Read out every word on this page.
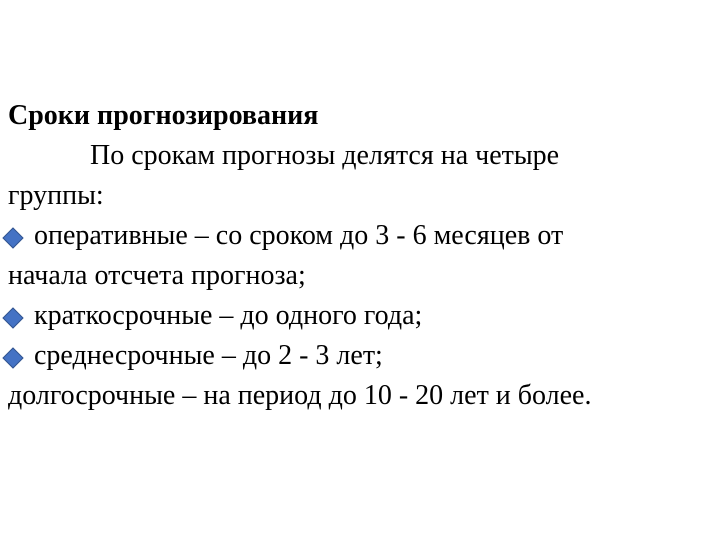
Сроки прогнозирования
По срокам прогнозы делятся на четыре
группы:
оперативные – со сроком до 3 - 6 месяцев от
начала отсчета прогноза;
краткосрочные – до одного года;
среднесрочные – до 2 - 3 лет;
долгосрочные – на период до 10 - 20 лет и более.
